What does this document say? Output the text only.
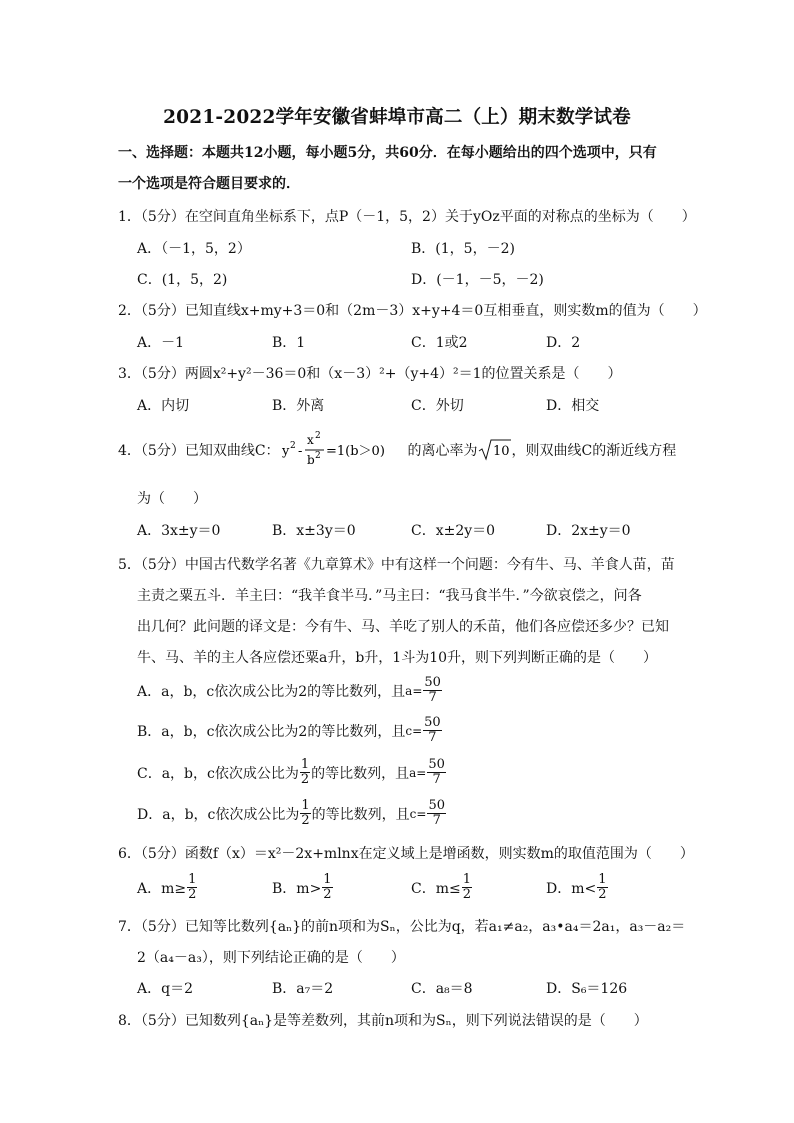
2021-2022学年安徽省蚌埠市高二（上）期末数学试卷
一、选择题：本题共12小题，每小题5分，共60分．在每小题给出的四个选项中，只有
一个选项是符合题目要求的．
1．（5分）在空间直角坐标系下，点P（－1，5，2）关于yOz平面的对称点的坐标为（　　）
A．（－1，5，2）	B．(1，5，－2)
C．(1，5，2)	D．(－1，－5，－2)
2．（5分）已知直线x+my+3＝0和（2m－3）x+y+4＝0互相垂直，则实数m的值为（　　）
A．－1	B．1	C．1或2	D．2
3．（5分）两圆x²+y²－36＝0和（x－3）²+（y+4）²＝1的位置关系是（　　）
A．内切	B．外离	C．外切	D．相交
4．（5分）已知双曲线C： y 2 -
x 2
b 2 =1(b＞0) 的离心率为 10 ，则双曲线C的渐近线方程
为（　　）
A．3x±y＝0	B．x±3y＝0	C．x±2y＝0	D．2x±y＝0
5．（5分）中国古代数学名著《九章算术》中有这样一个问题：今有牛、马、羊食人苗，苗
主责之粟五斗．羊主曰：“我羊食半马．”马主曰：“我马食半牛．”今欲哀偿之，问各
出几何？此问题的译文是：今有牛、马、羊吃了别人的禾苗，他们各应偿还多少？已知
牛、马、羊的主人各应偿还粟a升，b升，1斗为10升，则下列判断正确的是（　　）
A．a，b，c依次成公比为2的等比数列，且 $a= \frac{50}{7}$
B．a，b，c依次成公比为2的等比数列，且 $c= \frac{50}{7}$
C．a，b，c依次成公比为 $\frac{1}{2}$ 的等比数列，且 $a= \frac{50}{7}$
D．a，b，c依次成公比为 $\frac{1}{2}$ 的等比数列，且 $c= \frac{50}{7}$
6．（5分）函数f（x）＝x²－2x+mlnx在定义域上是增函数，则实数m的取值范围为（　　）
A．$m\ge \frac{1}{2}$	B．$m> \frac{1}{2}$	C．$m\le \frac{1}{2}$	D．$m< \frac{1}{2}$
7．（5分）已知等比数列{aₙ}的前n项和为Sₙ，公比为q，若a₁≠a₂，a₃•a₄＝2a₁，a₃－a₂＝
2（a₄－a₃），则下列结论正确的是（　　）
A．q＝2	B．a₇＝2	C．a₈＝8	D．S₆＝126
8．（5分）已知数列{aₙ}是等差数列，其前n项和为Sₙ，则下列说法错误的是（　　）
